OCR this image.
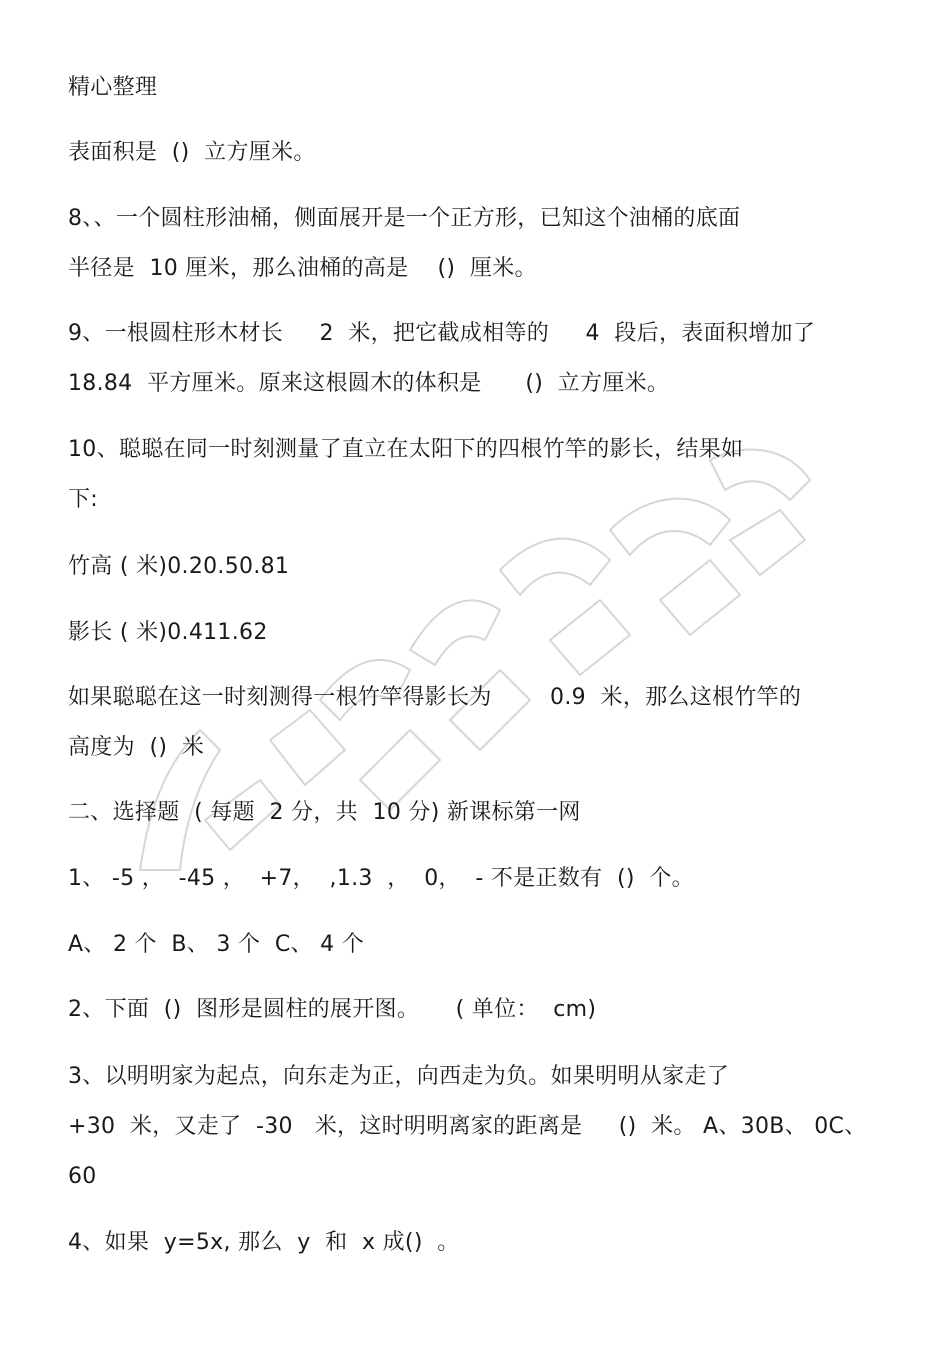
精心整理
表面积是  ()  立方厘米。
8、、一个圆柱形油桶，侧面展开是一个正方形，已知这个油桶的底面
半径是  10 厘米，那么油桶的高是    ()  厘米。
9、一根圆柱形木材长     2  米，把它截成相等的     4  段后，表面积增加了
18.84  平方厘米。原来这根圆木的体积是      ()  立方厘米。
10、聪聪在同一时刻测量了直立在太阳下的四根竹竿的影长，结果如
下:
竹高 ( 米)0.20.50.81
影长 ( 米)0.411.62
如果聪聪在这一时刻测得一根竹竿得影长为        0.9  米，那么这根竹竿的
高度为  ()  米
二、选择题  ( 每题  2 分，共  10 分) 新课标第一网
1、 -5 ，  -45 ，  +7，  ,1.3  ，  0，  - 不是正数有  ()  个。
A、 2 个  B、 3 个  C、 4 个
2、下面  ()  图形是圆柱的展开图。     ( 单位：  cm)
3、以明明家为起点，向东走为正，向西走为负。如果明明从家走了
+30  米，又走了  -30   米，这时明明离家的距离是     ()  米。 A、30B、 0C、
60
4、如果  y=5x, 那么  y  和  x 成()  。
